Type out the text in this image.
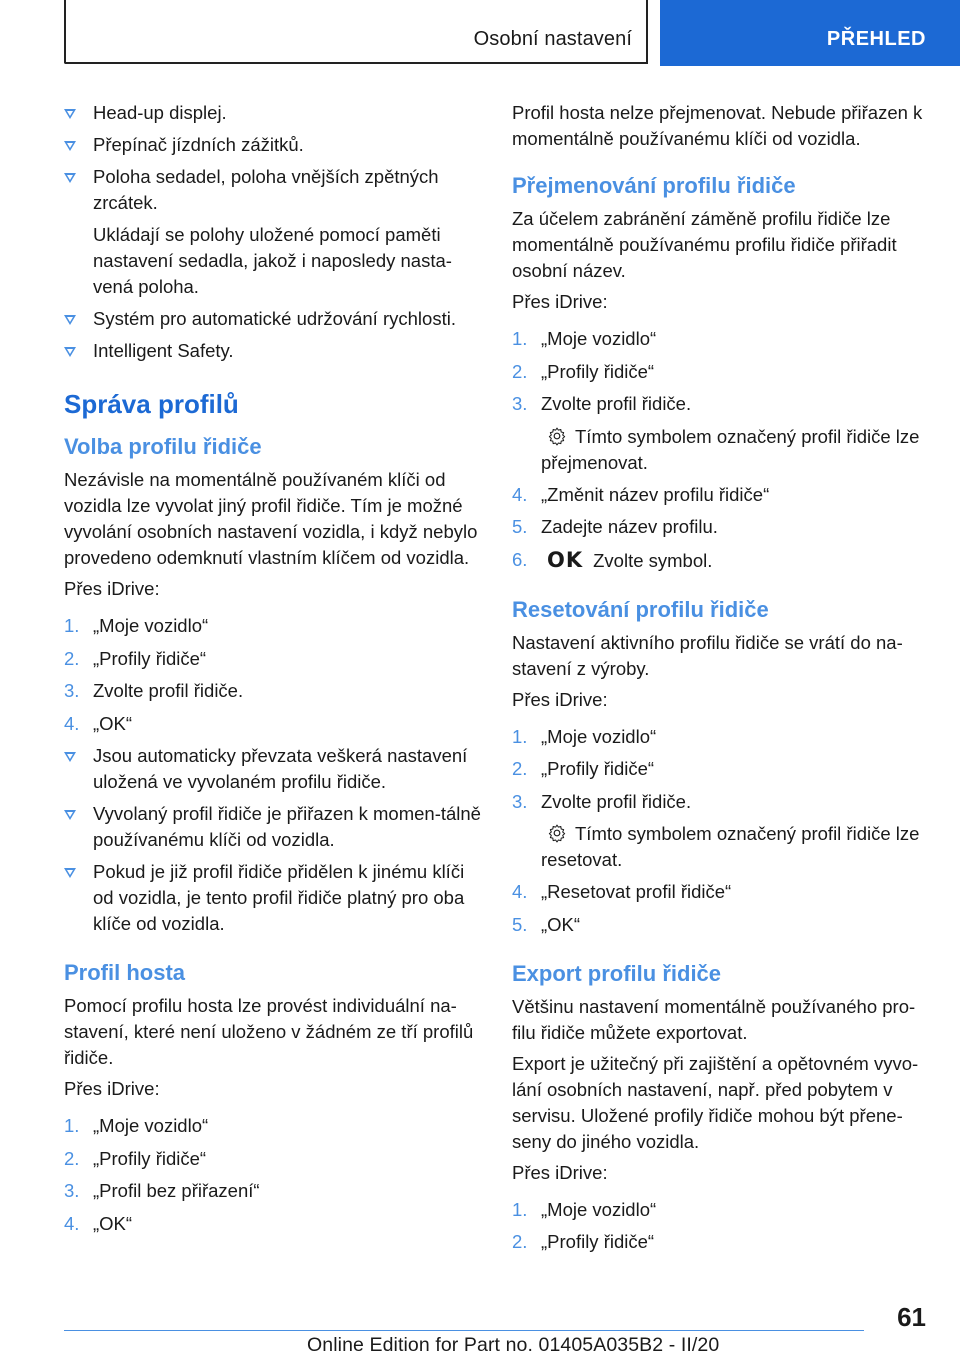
Osobní nastavení	PŘEHLED
Head-up displej.
Přepínač jízdních zážitků.
Poloha sedadel, poloha vnějších zpětných zrcátek.
Ukládají se polohy uložené pomocí paměti nastavení sedadla, jakož i naposledy nasta‐vená poloha.
Systém pro automatické udržování rychlosti.
Intelligent Safety.
Správa profilů
Volba profilu řidiče

Nezávisle na momentálně používaném klíči od vozidla lze vyvolat jiný profil řidiče. Tím je možné vyvolání osobních nastavení vozidla, i když nebylo provedeno odemknutí vlastním klíčem od vozidla.

Přes iDrive:

1. „Moje vozidlo“
2. „Profily řidiče“
3. Zvolte profil řidiče.
4. „OK“
Jsou automaticky převzata veškerá nastavení uložená ve vyvolaném profilu řidiče.
Vyvolaný profil řidiče je přiřazen k momen‐tálně používanému klíči od vozidla.
Pokud je již profil řidiče přidělen k jinému klíči od vozidla, je tento profil řidiče platný pro oba klíče od vozidla.
Profil hosta

Pomocí profilu hosta lze provést individuální na‐stavení, které není uloženo v žádném ze tří profilů řidiče.

Přes iDrive:

1. „Moje vozidlo“
2. „Profily řidiče“
3. „Profil bez přiřazení“
4. „OK“

Profil hosta nelze přejmenovat. Nebude přiřazen k momentálně používanému klíči od vozidla.

Přejmenování profilu řidiče

Za účelem zabránění záměně profilu řidiče lze momentálně používanému profilu řidiče přiřadit osobní název.

Přes iDrive:

1. „Moje vozidlo“
2. „Profily řidiče“
3. Zvolte profil řidiče.
Tímto symbolem označený profil řidiče lze přejmenovat.
4. „Změnit název profilu řidiče“
5. Zadejte název profilu.
6. OK Zvolte symbol.
Resetování profilu řidiče

Nastavení aktivního profilu řidiče se vrátí do na‐stavení z výroby.

Přes iDrive:

1. „Moje vozidlo“
2. „Profily řidiče“
3. Zvolte profil řidiče.
Tímto symbolem označený profil řidiče lze resetovat.
4. „Resetovat profil řidiče“
5. „OK“
Export profilu řidiče

Většinu nastavení momentálně používaného pro‐filu řidiče můžete exportovat.

Export je užitečný při zajištění a opětovném vyvo‐lání osobních nastavení, např. před pobytem v servisu. Uložené profily řidiče mohou být přene‐seny do jiného vozidla.

Přes iDrive:

1. „Moje vozidlo“
2. „Profily řidiče“
61
Online Edition for Part no. 01405A035B2 - II/20
